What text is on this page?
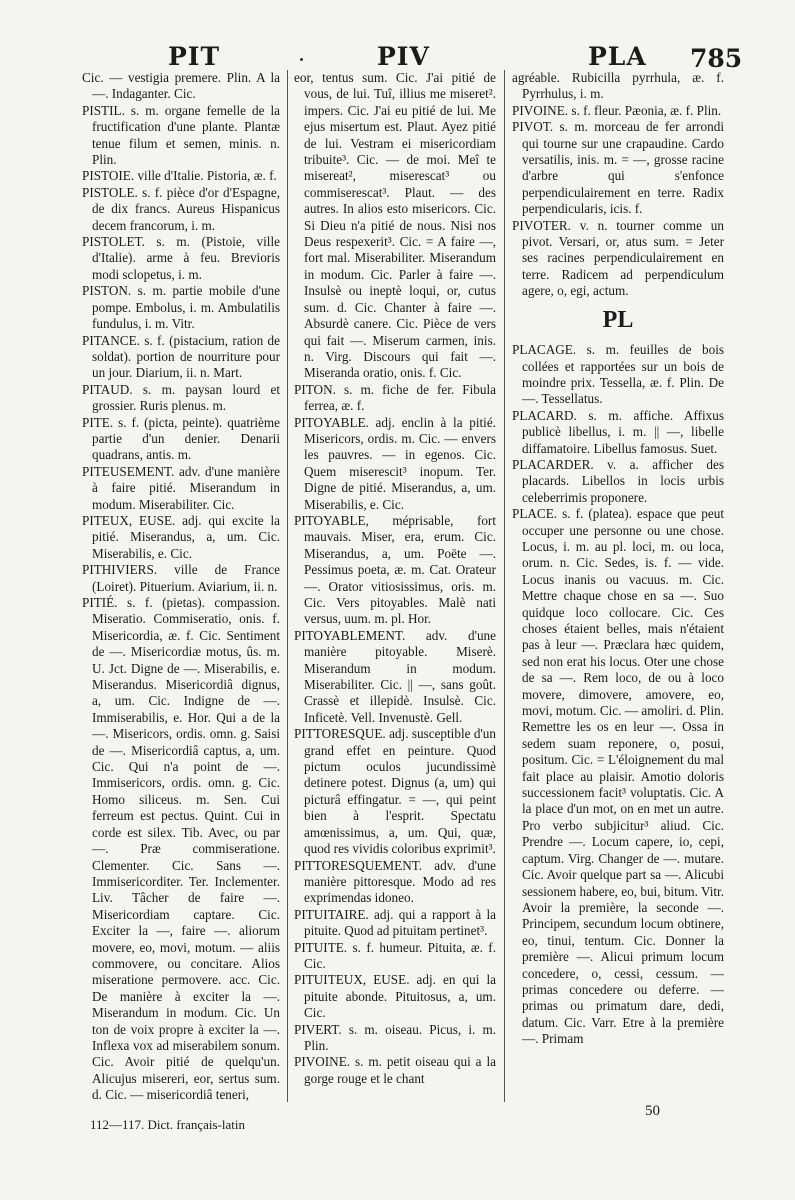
PIT	PIV	PLA 785

Cic. — vestigia premere. Plin. A la —. Indaganter. Cic.

PISTIL. s. m. organe femelle de la fructification d'une plante. Plantæ tenue filum et semen, minis. n. Plin.

PISTOIE. ville d'Italie. Pistoria, æ. f.

PISTOLE. s. f. pièce d'or d'Espagne, de dix francs. Aureus Hispanicus decem francorum, i. m.

PISTOLET. s. m. (Pistoie, ville d'Italie). arme à feu. Brevioris modi sclopetus, i. m.

PISTON. s. m. partie mobile d'une pompe. Embolus, i. m. Ambulatilis fundulus, i. m. Vitr.

PITANCE. s. f. (pistacium, ration de soldat). portion de nourriture pour un jour. Diarium, ii. n. Mart.

PITAUD. s. m. paysan lourd et grossier. Ruris plenus. m.

PITE. s. f. (picta, peinte). quatrième partie d'un denier. Denarii quadrans, antis. m.

PITEUSEMENT. adv. d'une manière à faire pitié. Miserandum in modum. Miserabiliter. Cic.

PITEUX, EUSE. adj. qui excite la pitié. Miserandus, a, um. Cic. Miserabilis, e. Cic.

PITHIVIERS. ville de France (Loiret). Pituerium. Aviarium, ii. n.

PITIÉ. s. f. (pietas). compassion. Miseratio. Commiseratio, onis. f. Misericordia, æ. f. Cic. Sentiment de —. Misericordiæ motus, ûs. m. U. Jct. Digne de —. Miserabilis, e. Miserandus. Misericordiâ dignus, a, um. Cic. Indigne de —. Immiserabilis, e. Hor. Qui a de la —. Misericors, ordis. omn. g. Saisi de —. Misericordiâ captus, a, um. Cic. Qui n'a point de —. Immisericors, ordis. omn. g. Cic. Homo siliceus. m. Sen. Cui ferreum est pectus. Quint. Cui in corde est silex. Tib. Avec, ou par —. Præ commiseratione. Clementer. Cic. Sans —. Immisericorditer. Ter. Inclementer. Liv. Tâcher de faire —. Misericordiam captare. Cic. Exciter la —, faire —. aliorum movere, eo, movi, motum. — aliis commovere, ou concitare. Alios miseratione permovere. acc. Cic. De manière à exciter la —. Miserandum in modum. Cic. Un ton de voix propre à exciter la —. Inflexa vox ad miserabilem sonum. Cic. Avoir pitié de quelqu'un. Alicujus misereri, eor, sertus sum. d. Cic. — misericordiâ teneri,

eor, tentus sum. Cic. J'ai pitié de vous, de lui. Tuî, illius me miseret². impers. Cic. J'ai eu pitié de lui. Me ejus misertum est. Plaut. Ayez pitié de lui. Vestram ei misericordiam tribuite³. Cic. — de moi. Meî te misereat², miserescat³ ou commiserescat³. Plaut. — des autres. In alios esto misericors. Cic. Si Dieu n'a pitié de nous. Nisi nos Deus respexerit³. Cic. = A faire —, fort mal. Miserabiliter. Miserandum in modum. Cic. Parler à faire —. Insulsè ou ineptè loqui, or, cutus sum. d. Cic. Chanter à faire —. Absurdè canere. Cic. Pièce de vers qui fait —. Miserum carmen, inis. n. Virg. Discours qui fait —. Miseranda oratio, onis. f. Cic.

PITON. s. m. fiche de fer. Fibula ferrea, æ. f.

PITOYABLE. adj. enclin à la pitié. Misericors, ordis. m. Cic. — envers les pauvres. — in egenos. Cic. Quem miserescit³ inopum. Ter. Digne de pitié. Miserandus, a, um. Miserabilis, e. Cic.

PITOYABLE, méprisable, fort mauvais. Miser, era, erum. Cic. Miserandus, a, um. Poëte —. Pessimus poeta, æ. m. Cat. Orateur —. Orator vitiosissimus, oris. m. Cic. Vers pitoyables. Malè nati versus, uum. m. pl. Hor.

PITOYABLEMENT. adv. d'une manière pitoyable. Miserè. Miserandum in modum. Miserabiliter. Cic. || —, sans goût. Crassè et illepidè. Insulsè. Cic. Inficetè. Vell. Invenustè. Gell.

PITTORESQUE. adj. susceptible d'un grand effet en peinture. Quod pictum oculos jucundissimè detinere potest. Dignus (a, um) qui picturâ effingatur. = —, qui peint bien à l'esprit. Spectatu amœnissimus, a, um. Qui, quæ, quod res vividis coloribus exprimit³.

PITTORESQUEMENT. adv. d'une manière pittoresque. Modo ad res exprimendas idoneo.

PITUITAIRE. adj. qui a rapport à la pituite. Quod ad pituitam pertinet³.

PITUITE. s. f. humeur. Pituita, æ. f. Cic.

PITUITEUX, EUSE. adj. en qui la pituite abonde. Pituitosus, a, um. Cic.

PIVERT. s. m. oiseau. Picus, i. m. Plin.

PIVOINE. s. m. petit oiseau qui a la gorge rouge et le chant

agréable. Rubicilla pyrrhula, æ. f. Pyrrhulus, i. m.

PIVOINE. s. f. fleur. Pæonia, æ. f. Plin.

PIVOT. s. m. morceau de fer arrondi qui tourne sur une crapaudine. Cardo versatilis, inis. m. = —, grosse racine d'arbre qui s'enfonce perpendiculairement en terre. Radix perpendicularis, icis. f.

PIVOTER. v. n. tourner comme un pivot. Versari, or, atus sum. = Jeter ses racines perpendiculairement en terre. Radicem ad perpendiculum agere, o, egi, actum.

PL

PLACAGE. s. m. feuilles de bois collées et rapportées sur un bois de moindre prix. Tessella, æ. f. Plin. De —. Tessellatus.

PLACARD. s. m. affiche. Affixus publicè libellus, i. m. || —, libelle diffamatoire. Libellus famosus. Suet.

PLACARDER. v. a. afficher des placards. Libellos in locis urbis celeberrimis proponere.

PLACE. s. f. (platea). espace que peut occuper une personne ou une chose. Locus, i. m. au pl. loci, m. ou loca, orum. n. Cic. Sedes, is. f. — vide. Locus inanis ou vacuus. m. Cic. Mettre chaque chose en sa —. Suo quidque loco collocare. Cic. Ces choses étaient belles, mais n'étaient pas à leur —. Præclara hæc quidem, sed non erat his locus. Oter une chose de sa —. Rem loco, de ou à loco movere, dimovere, amovere, eo, movi, motum. Cic. — amoliri. d. Plin. Remettre les os en leur —. Ossa in sedem suam reponere, o, posui, positum. Cic. = L'éloignement du mal fait place au plaisir. Amotio doloris successionem facit³ voluptatis. Cic. A la place d'un mot, on en met un autre. Pro verbo subjicitur³ aliud. Cic. Prendre —. Locum capere, io, cepi, captum. Virg. Changer de —. mutare. Cic. Avoir quelque part sa —. Alicubi sessionem habere, eo, bui, bitum. Vitr. Avoir la première, la seconde —. Principem, secundum locum obtinere, eo, tinui, tentum. Cic. Donner la première —. Alicui primum locum concedere, o, cessi, cessum. — primas concedere ou deferre. — primas ou primatum dare, dedi, datum. Cic. Varr. Etre à la première —. Primam

112—117. Dict. français-latin
50
